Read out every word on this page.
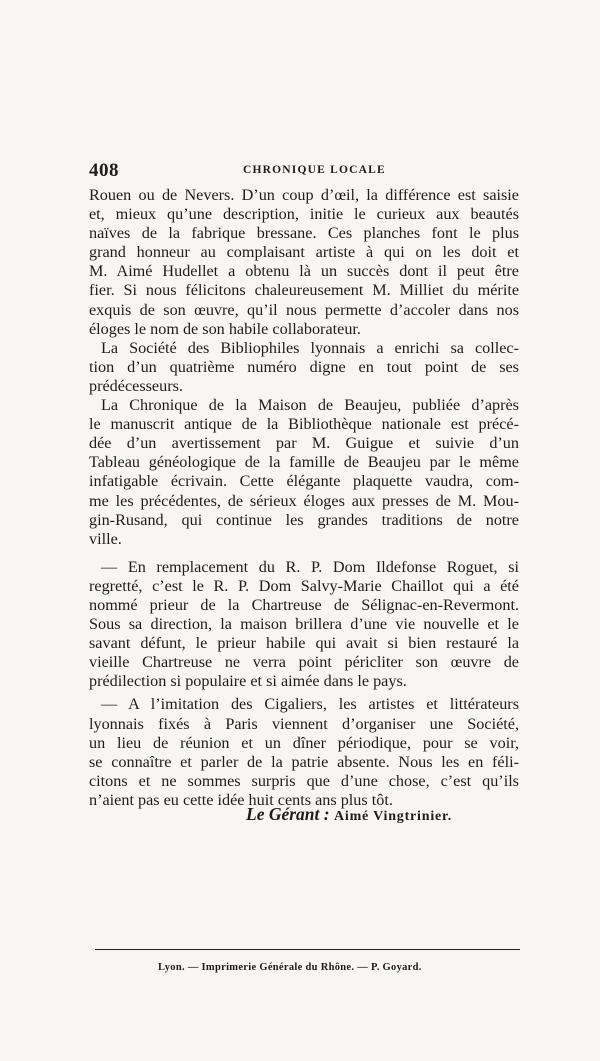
408	CHRONIQUE LOCALE
Rouen ou de Nevers. D’un coup d’œil, la différence est saisie
et, mieux qu’une description, initie le curieux aux beautés
naïves de la fabrique bressane. Ces planches font le plus
grand honneur au complaisant artiste à qui on les doit et
M. Aimé Hudellet a obtenu là un succès dont il peut être
fier. Si nous félicitons chaleureusement M. Milliet du mérite
exquis de son œuvre, qu’il nous permette d’accoler dans nos
éloges le nom de son habile collaborateur.
La Société des Bibliophiles lyonnais a enrichi sa collec-
tion d’un quatrième numéro digne en tout point de ses
prédécesseurs.
La Chronique de la Maison de Beaujeu, publiée d’après
le manuscrit antique de la Bibliothèque nationale est précé-
dée d’un avertissement par M. Guigue et suivie d’un
Tableau généologique de la famille de Beaujeu par le même
infatigable écrivain. Cette élégante plaquette vaudra, com-
me les précédentes, de sérieux éloges aux presses de M. Mou-
gin-Rusand, qui continue les grandes traditions de notre
ville.
— En remplacement du R. P. Dom Ildefonse Roguet, si
regretté, c’est le R. P. Dom Salvy-Marie Chaillot qui a été
nommé prieur de la Chartreuse de Sélignac-en-Revermont.
Sous sa direction, la maison brillera d’une vie nouvelle et le
savant défunt, le prieur habile qui avait si bien restauré la
vieille Chartreuse ne verra point péricliter son œuvre de
prédilection si populaire et si aimée dans le pays.
— A l’imitation des Cigaliers, les artistes et littérateurs
lyonnais fixés à Paris viennent d’organiser une Société,
un lieu de réunion et un dîner périodique, pour se voir,
se connaître et parler de la patrie absente. Nous les en féli-
citons et ne sommes surpris que d’une chose, c’est qu’ils
n’aient pas eu cette idée huit cents ans plus tôt.
Le Gérant : Aimé Vingtrinier.
Lyon. — Imprimerie Générale du Rhône. — P. Goyard.
